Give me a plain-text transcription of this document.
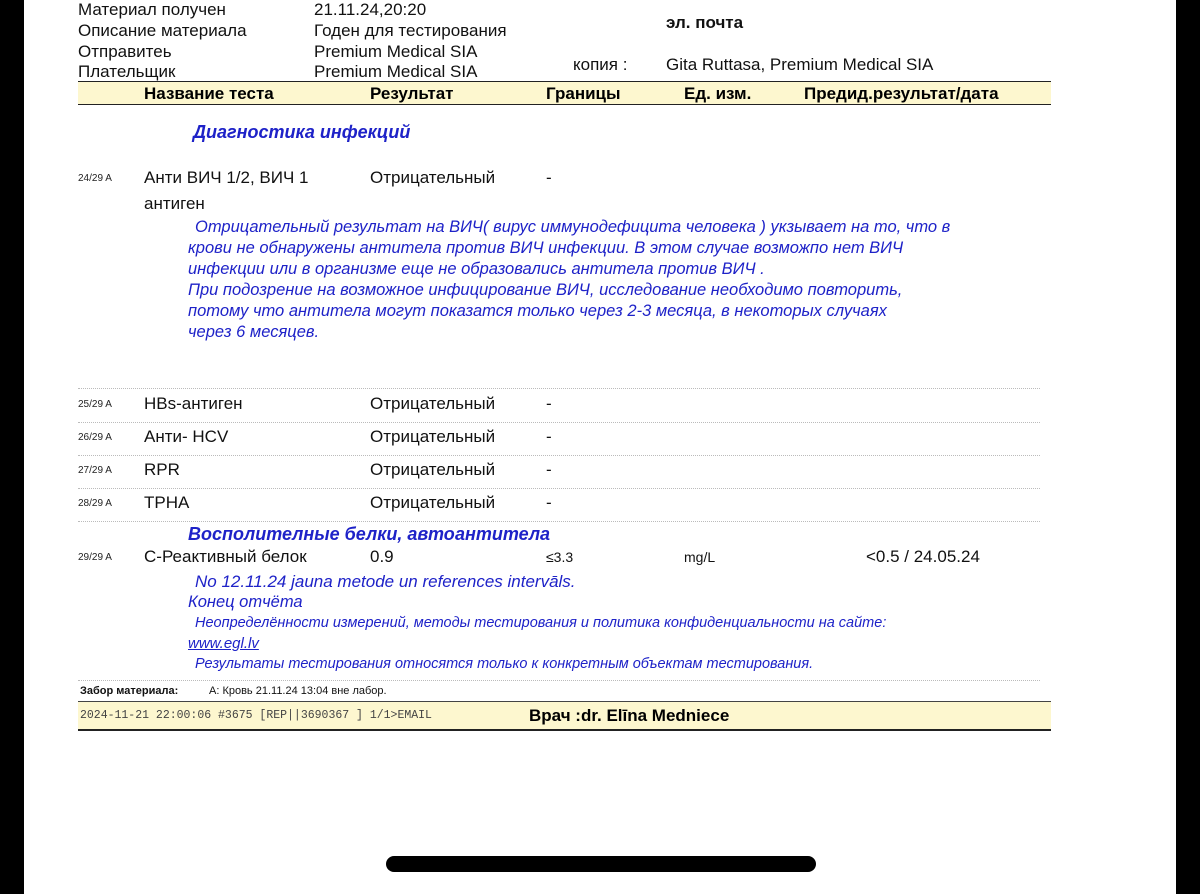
Материал получен	21.11.24,20:20
Описание материала	Годен для тестирования
Отправитеь	Premium Medical SIA
Плательщик	Premium Medical SIA
эл. почта
копия : Gita Ruttasa, Premium Medical SIA
Название теста	Результат	Границы	Ед. изм.	Предид.результат/дата
Диагностика инфекций
24/29 A Анти ВИЧ 1/2, ВИЧ 1
антиген
Отрицательный	-
Отрицательный результат на ВИЧ( вирус иммунодефицита человека ) укзывает на то, что в
крови не обнаружены антитела против ВИЧ инфекции. В этом случае возможпо нет ВИЧ
инфекции или в организме еще не образовались антитела против ВИЧ .
При подозрение на возможное инфицирование ВИЧ, исследование необходимо повторить,
потому что антитела могут показатся только через 2-3 месяца, в некоторых случаях
через 6 месяцев.
25/29 A HBs-антиген	Отрицательный	-
26/29 A Анти- HCV	Отрицательный	-
27/29 A RPR	Отрицательный	-
28/29 A TPHA	Отрицательный	-
Восполителные белки, автоантитела
29/29 A С-Реактивный белок	0.9	≤3.3	mg/L	<0.5 / 24.05.24
No 12.11.24 jauna metode un references intervāls.
Конец отчёта
Неопределённости измерений, методы тестирования и политика конфиденциальности на сайте:
www.egl.lv
Результаты тестирования относятся только к конкретным объектам тестирования.
Забор материала:	A: Кровь 21.11.24 13:04 вне лабор.
2024-11-21 22:00:06 #3675 [REP||3690367 ] 1/1>EMAIL	Врач :dr. Elīna Medniece
